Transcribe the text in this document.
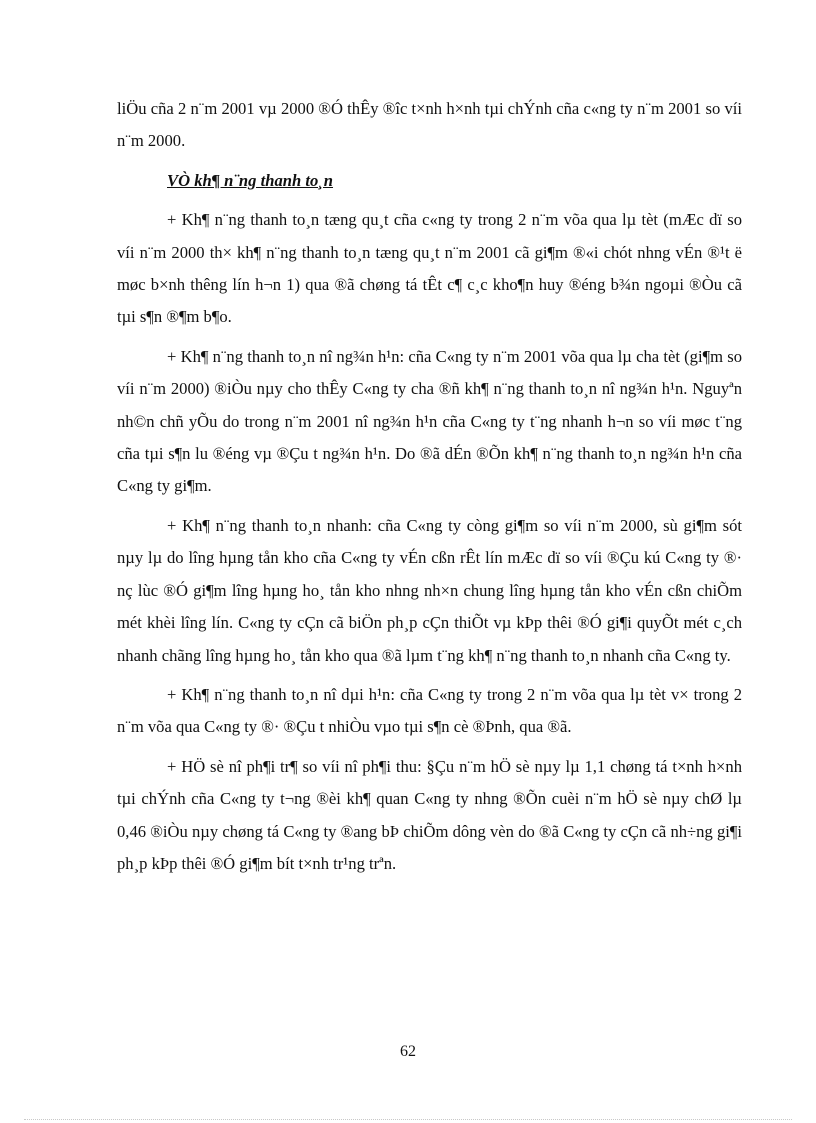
liÖu cña 2 n¨m 2001 vµ 2000 ®Ó thÊy ®îc t×nh h×nh tµi chÝnh cña c«ng ty n¨m 2001 so víi n¨m 2000.

VÒ kh¶ n¨ng thanh to¸n

+ Kh¶ n¨ng thanh to¸n tæng qu¸t cña c«ng ty trong 2 n¨m võa qua lµ tèt (mÆc dï so víi n¨m 2000 th× kh¶ n¨ng thanh to¸n tæng qu¸t n¨m 2001 cã gi¶m ®«i chót nhng vÉn ®¹t ë møc b×nh thêng lín h¬n 1) qua ®ã chøng tá tÊt c¶ c¸c kho¶n huy ®éng b¾n ngoµi ®Òu cã tµi s¶n ®¶m b¶o.

+ Kh¶ n¨ng thanh to¸n nî ng¾n h¹n: cña C«ng ty n¨m 2001 võa qua lµ cha tèt (gi¶m so víi n¨m 2000) ®iÒu nµy cho thÊy C«ng ty cha ®ñ kh¶ n¨ng thanh to¸n nî ng¾n h¹n. Nguyªn nh©n chñ yÕu do trong n¨m 2001 nî ng¾n h¹n cña C«ng ty t¨ng nhanh h¬n so víi møc t¨ng cña tµi s¶n lu ®éng vµ ®Çu t ng¾n h¹n. Do ®ã dÉn ®Õn kh¶ n¨ng thanh to¸n ng¾n h¹n cña C«ng ty gi¶m.

+ Kh¶ n¨ng thanh to¸n nhanh: cña C«ng ty còng gi¶m so víi n¨m 2000, sù gi¶m sót nµy lµ do lîng hµng tån kho cña C«ng ty vÉn cßn rÊt lín mÆc dï so víi ®Çu kú C«ng ty ®· nç lùc ®Ó gi¶m lîng hµng ho¸ tån kho nhng nh×n chung lîng hµng tån kho vÉn cßn chiÕm mét khèi lîng lín. C«ng ty cÇn cã biÖn ph¸p cÇn thiÕt vµ kÞp thêi ®Ó gi¶i quyÕt mét c¸ch nhanh chãng lîng hµng ho¸ tån kho qua ®ã lµm t¨ng kh¶ n¨ng thanh to¸n nhanh cña C«ng ty.

+ Kh¶ n¨ng thanh to¸n nî dµi h¹n: cña C«ng ty trong 2 n¨m võa qua lµ tèt v× trong 2 n¨m võa qua C«ng ty ®· ®Çu t nhiÒu vµo tµi s¶n cè ®Þnh, qua ®ã.

+ HÖ sè nî ph¶i tr¶ so víi nî ph¶i thu: §Çu n¨m hÖ sè nµy lµ 1,1 chøng tá t×nh h×nh tµi chÝnh cña C«ng ty t¬ng ®èi kh¶ quan C«ng ty nhng ®Õn cuèi n¨m hÖ sè nµy chØ lµ 0,46 ®iÒu nµy chøng tá C«ng ty ®ang bÞ chiÕm dông vèn do ®ã C«ng ty cÇn cã nh÷ng gi¶i ph¸p kÞp thêi ®Ó gi¶m bít t×nh tr¹ng trªn.

62
